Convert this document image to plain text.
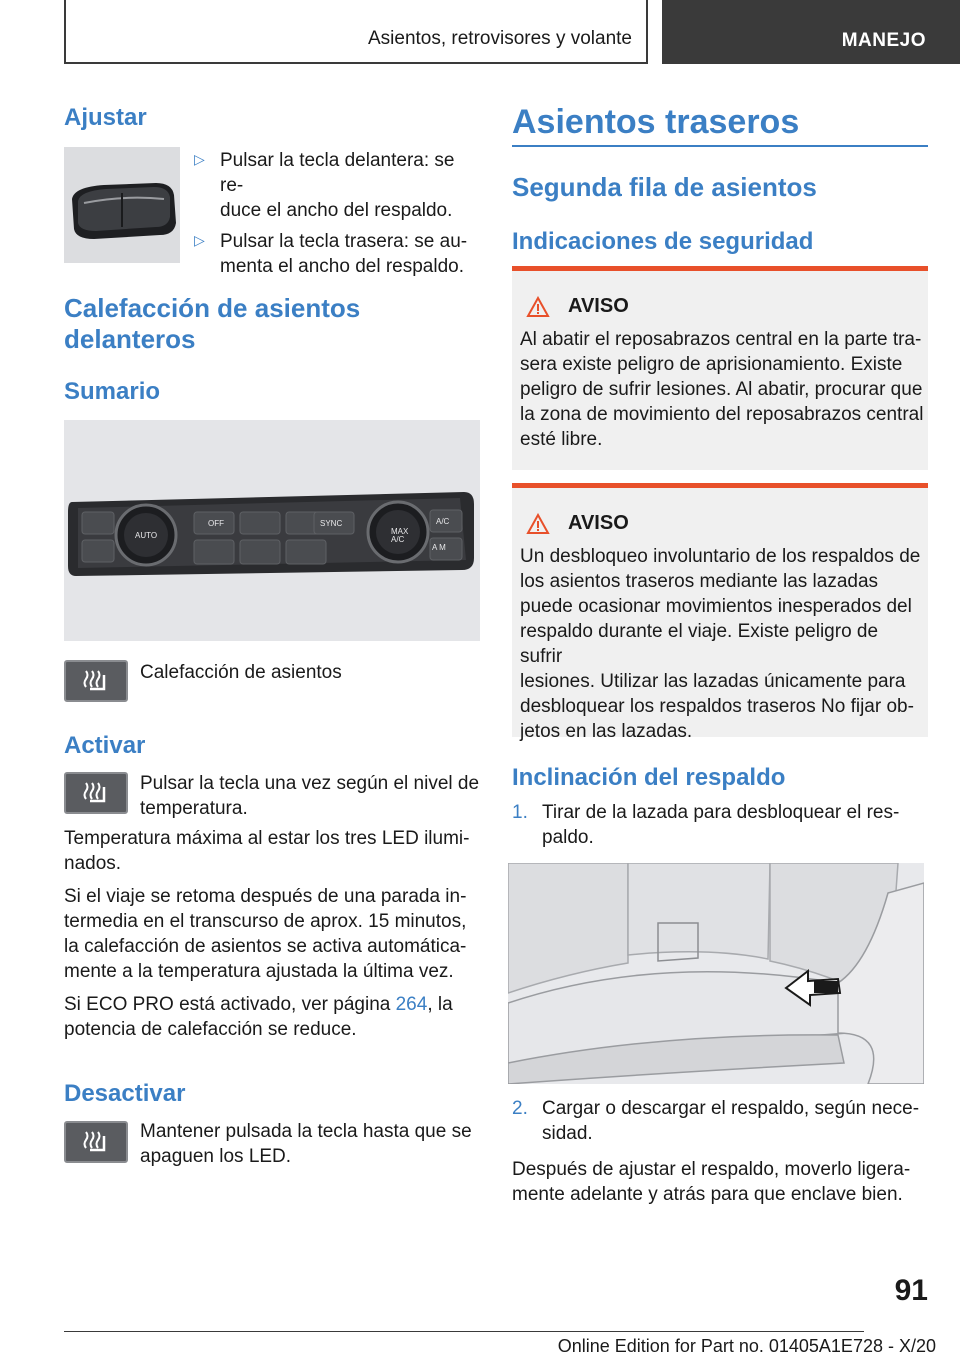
Asientos, retrovisores y volante	MANEJO
Ajustar
▷ Pulsar la tecla delantera: se re-
duce el ancho del respaldo.
▷ Pulsar la tecla trasera: se au-
menta el ancho del respaldo.
Calefacción de asientos
delanteros
Sumario
OFF	SYNC
AUTO	MAX
A/C
A/C
A M
Calefacción de asientos
Activar
Pulsar la tecla una vez según el nivel de
temperatura.
Temperatura máxima al estar los tres LED ilumi-
nados.
Si el viaje se retoma después de una parada in-
termedia en el transcurso de aprox. 15 minutos,
la calefacción de asientos se activa automática-
mente a la temperatura ajustada la última vez.
Si ECO PRO está activado, ver página 264, la
potencia de calefacción se reduce.
Desactivar
Mantener pulsada la tecla hasta que se
apaguen los LED.
Asientos traseros
Segunda fila de asientos
Indicaciones de seguridad
AVISO
Al abatir el reposabrazos central en la parte tra-
sera existe peligro de aprisionamiento. Existe
peligro de sufrir lesiones. Al abatir, procurar que
la zona de movimiento del reposabrazos central
esté libre.
AVISO
Un desbloqueo involuntario de los respaldos de
los asientos traseros mediante las lazadas
puede ocasionar movimientos inesperados del
respaldo durante el viaje. Existe peligro de sufrir
lesiones. Utilizar las lazadas únicamente para
desbloquear los respaldos traseros No fijar ob-
jetos en las lazadas.
Inclinación del respaldo
1. Tirar de la lazada para desbloquear el res-
paldo.
2. Cargar o descargar el respaldo, según nece-
sidad.
Después de ajustar el respaldo, moverlo ligera-
mente adelante y atrás para que enclave bien.
91
Online Edition for Part no. 01405A1E728 - X/20
